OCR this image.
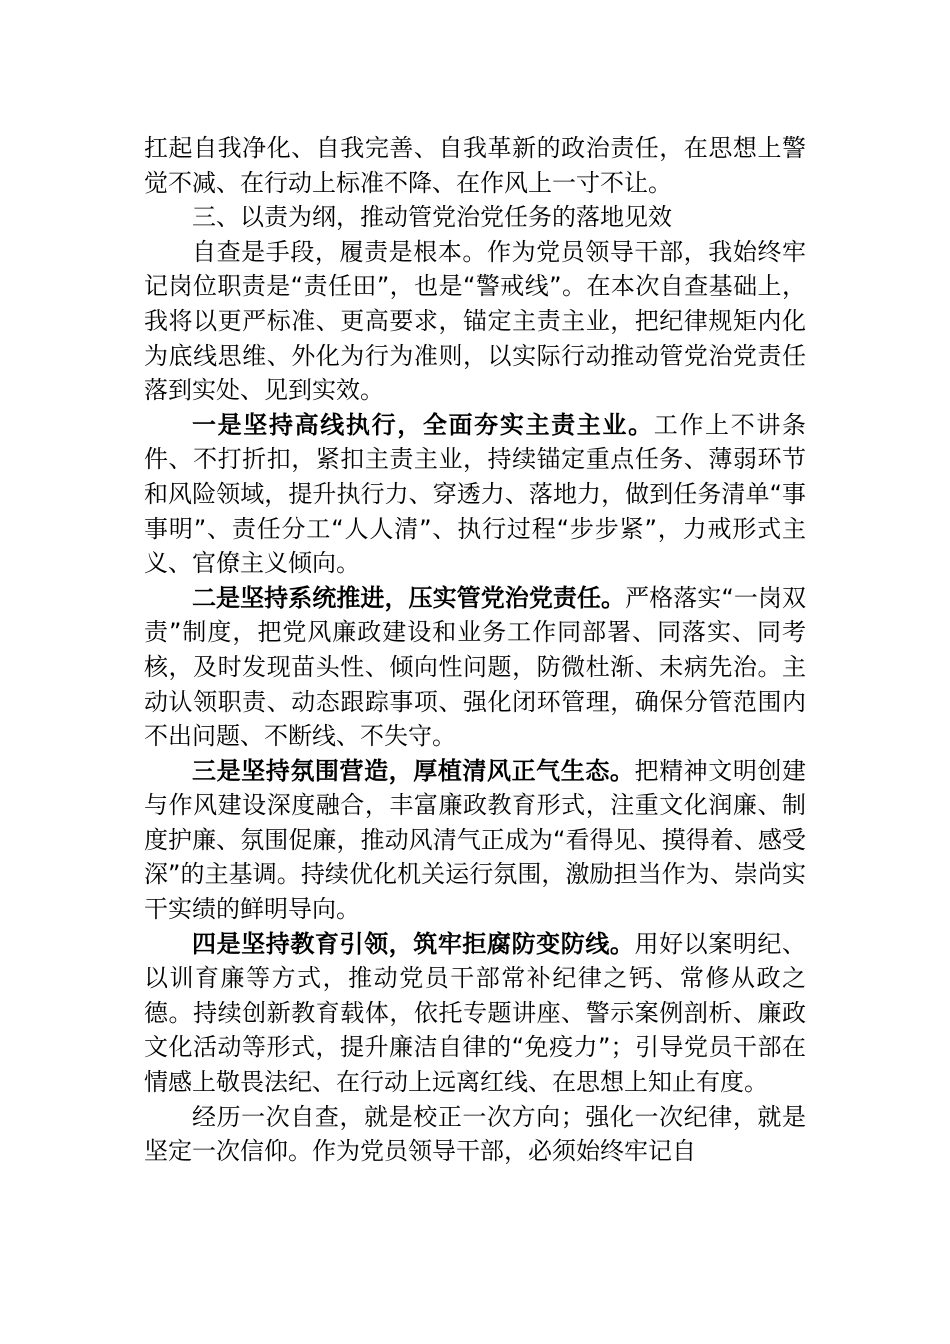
扛起自我净化、自我完善、自我革新的政治责任，在思想上警觉不减、在行动上标准不降、在作风上一寸不让。

三、以责为纲，推动管党治党任务的落地见效

自查是手段，履责是根本。作为党员领导干部，我始终牢记岗位职责是“责任田”，也是“警戒线”。在本次自查基础上，我将以更严标准、更高要求，锚定主责主业，把纪律规矩内化为底线思维、外化为行为准则，以实际行动推动管党治党责任落到实处、见到实效。

一是坚持高线执行，全面夯实主责主业。工作上不讲条件、不打折扣，紧扣主责主业，持续锚定重点任务、薄弱环节和风险领域，提升执行力、穿透力、落地力，做到任务清单“事事明”、责任分工“人人清”、执行过程“步步紧”，力戒形式主义、官僚主义倾向。

二是坚持系统推进，压实管党治党责任。严格落实“一岗双责”制度，把党风廉政建设和业务工作同部署、同落实、同考核，及时发现苗头性、倾向性问题，防微杜渐、未病先治。主动认领职责、动态跟踪事项、强化闭环管理，确保分管范围内不出问题、不断线、不失守。

三是坚持氛围营造，厚植清风正气生态。把精神文明创建与作风建设深度融合，丰富廉政教育形式，注重文化润廉、制度护廉、氛围促廉，推动风清气正成为“看得见、摸得着、感受深”的主基调。持续优化机关运行氛围，激励担当作为、崇尚实干实绩的鲜明导向。

四是坚持教育引领，筑牢拒腐防变防线。用好以案明纪、以训育廉等方式，推动党员干部常补纪律之钙、常修从政之德。持续创新教育载体，依托专题讲座、警示案例剖析、廉政文化活动等形式，提升廉洁自律的“免疫力”；引导党员干部在情感上敬畏法纪、在行动上远离红线、在思想上知止有度。

经历一次自查，就是校正一次方向；强化一次纪律，就是坚定一次信仰。作为党员领导干部，必须始终牢记自
